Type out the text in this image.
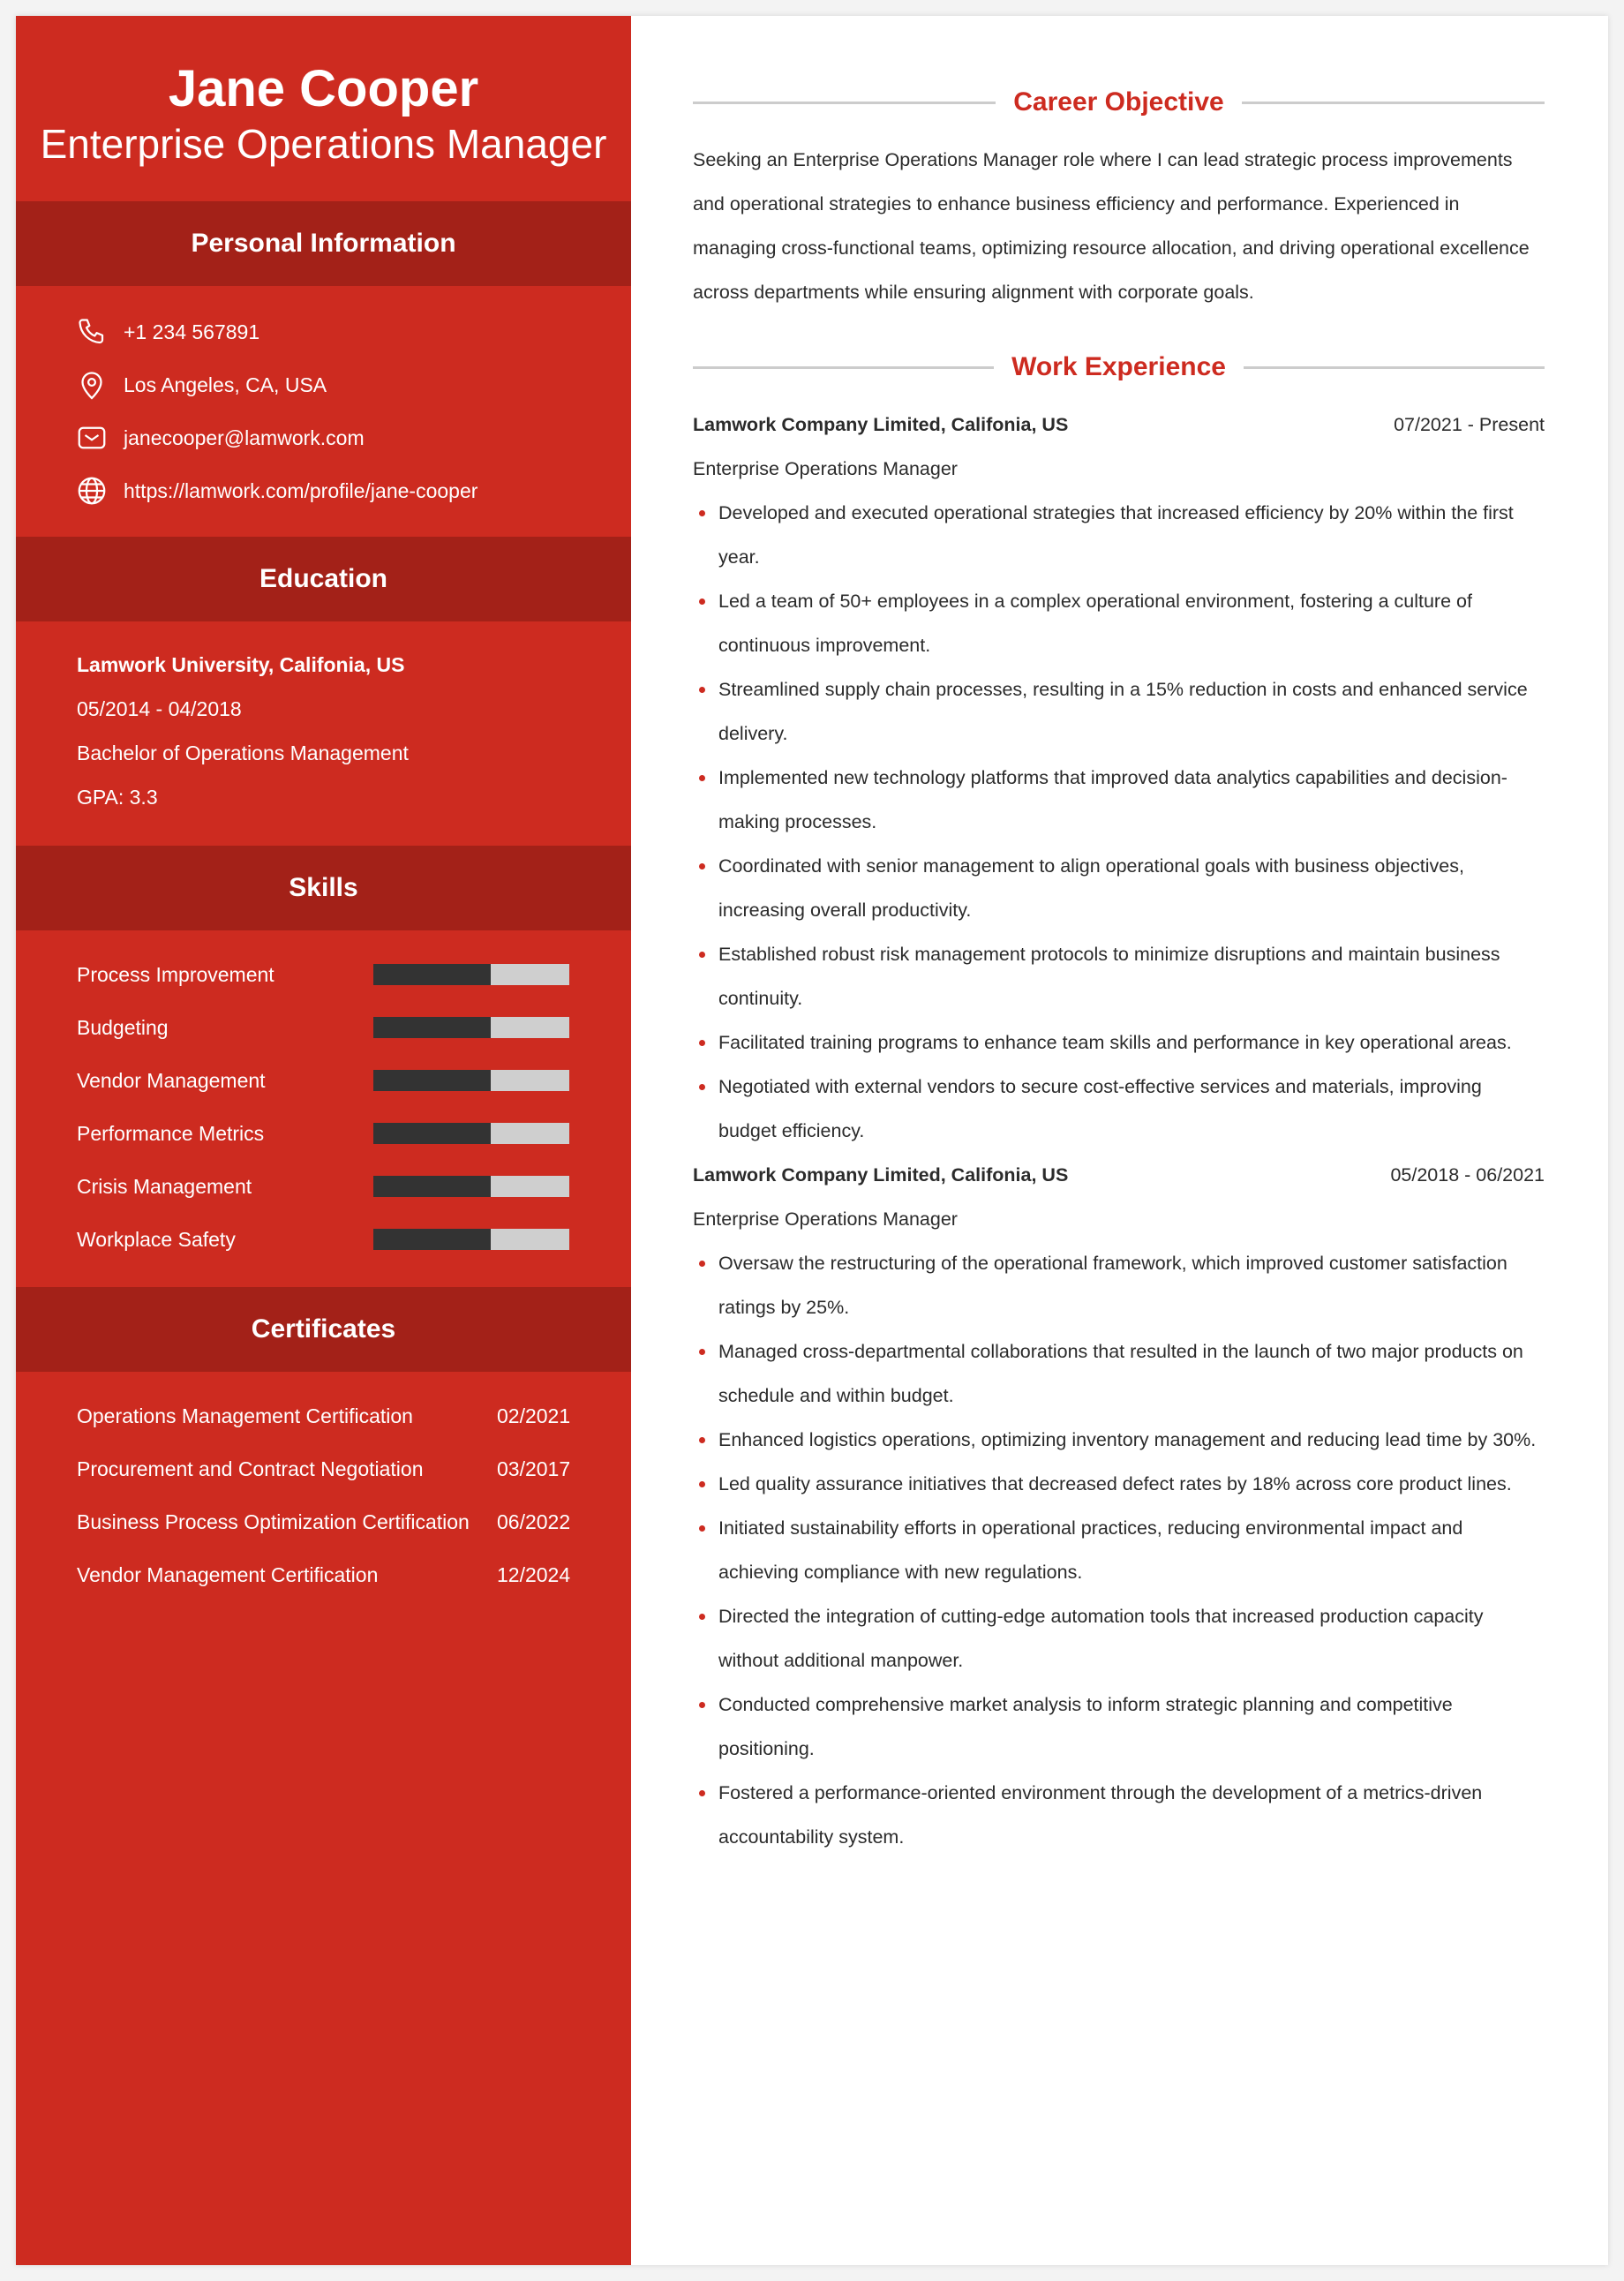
Jane Cooper
Enterprise Operations Manager
Personal Information
+1 234 567891
Los Angeles, CA, USA
janecooper@lamwork.com
https://lamwork.com/profile/jane-cooper
Education
Lamwork University, Califonia, US
05/2014 - 04/2018
Bachelor of Operations Management
GPA: 3.3
Skills
Process Improvement
Budgeting
Vendor Management
Performance Metrics
Crisis Management
Workplace Safety
Certificates
Operations Management Certification	02/2021
Procurement and Contract Negotiation	03/2017
Business Process Optimization Certification	06/2022
Vendor Management Certification	12/2024
Career Objective
Seeking an Enterprise Operations Manager role where I can lead strategic process improvements and operational strategies to enhance business efficiency and performance. Experienced in managing cross-functional teams, optimizing resource allocation, and driving operational excellence across departments while ensuring alignment with corporate goals.
Work Experience
Lamwork Company Limited, Califonia, US	07/2021 - Present
Enterprise Operations Manager
Developed and executed operational strategies that increased efficiency by 20% within the first year.
Led a team of 50+ employees in a complex operational environment, fostering a culture of continuous improvement.
Streamlined supply chain processes, resulting in a 15% reduction in costs and enhanced service delivery.
Implemented new technology platforms that improved data analytics capabilities and decision-making processes.
Coordinated with senior management to align operational goals with business objectives, increasing overall productivity.
Established robust risk management protocols to minimize disruptions and maintain business continuity.
Facilitated training programs to enhance team skills and performance in key operational areas.
Negotiated with external vendors to secure cost-effective services and materials, improving budget efficiency.
Lamwork Company Limited, Califonia, US	05/2018 - 06/2021
Enterprise Operations Manager
Oversaw the restructuring of the operational framework, which improved customer satisfaction ratings by 25%.
Managed cross-departmental collaborations that resulted in the launch of two major products on schedule and within budget.
Enhanced logistics operations, optimizing inventory management and reducing lead time by 30%.
Led quality assurance initiatives that decreased defect rates by 18% across core product lines.
Initiated sustainability efforts in operational practices, reducing environmental impact and achieving compliance with new regulations.
Directed the integration of cutting-edge automation tools that increased production capacity without additional manpower.
Conducted comprehensive market analysis to inform strategic planning and competitive positioning.
Fostered a performance-oriented environment through the development of a metrics-driven accountability system.
